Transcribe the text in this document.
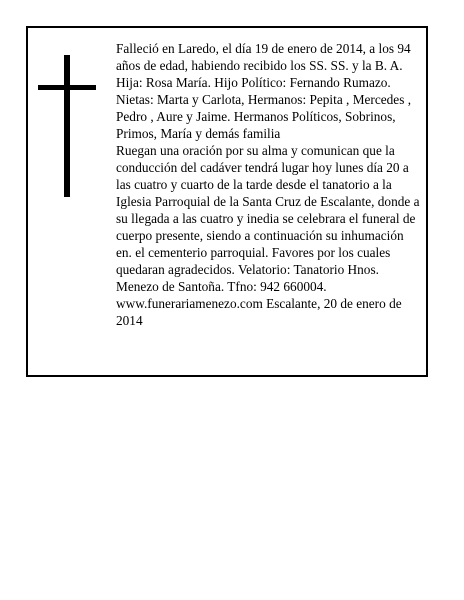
Falleció en Laredo, el día 19 de enero de 2014, a los 94 años de edad, habiendo recibido los SS. SS. y la B. A. Hija: Rosa María. Hijo Político: Fernando Rumazo. Nietas: Marta y Carlota, Hermanos: Pepita , Mercedes , Pedro , Aure y Jaime. Hermanos Políticos, Sobrinos, Primos, María y demás familia

Ruegan una oración por su alma y comunican que la conducción del cadáver tendrá lugar hoy lunes día 20 a las cuatro y cuarto de la tarde desde el tanatorio a la Iglesia Parroquial de la Santa Cruz de Escalante, donde a su llegada a las cuatro y inedia se celebrara el funeral de cuerpo presente, siendo a continuación su inhumación en. el cementerio parroquial. Favores por los cuales quedaran agradecidos. Velatorio: Tanatorio Hnos. Menezo de Santoña. Tfno: 942 660004. www.funerariamenezo.com Escalante, 20 de enero de 2014
